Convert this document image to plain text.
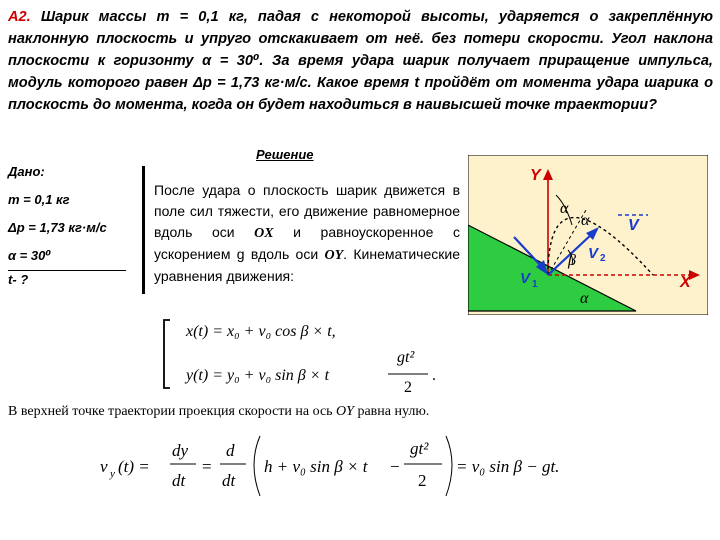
А2. Шарик массы m = 0,1 кг, падая с некоторой высоты, ударяется о закреплённую наклонную плоскость и упруго отскакивает от неё. без потери скорости. Угол наклона плоскости к горизонту α = 30⁰. За время удара шарик получает приращение импульса, модуль которого равен Δp = 1,73 кг·м/с. Какое время t пройдёт от момента удара шарика о плоскость до момента, когда он будет находиться в наивысшей точке траектории?
Дано:
m = 0,1 кг
Δp = 1,73 кг·м/с
α = 30⁰
t- ?
Решение
После удара о плоскость шарик движется в поле сил тяжести, его движение равномерное вдоль оси OX и равноускоренное с ускорением g вдоль оси OY. Кинематические уравнения движения:
Y
X
α
α
β
α
V
V 2
V 1
x(t) = x₀ + v₀ cos β × t,
y(t) = y₀ + v₀ sin β × t
gt²
2
.
В верхней точке траектории проекция скорости на ось OY равна нулю.
v y (t) =
dy
dt
=
d
dt
h + v₀ sin β × t −
gt²
2
= v₀ sin β − gt.
